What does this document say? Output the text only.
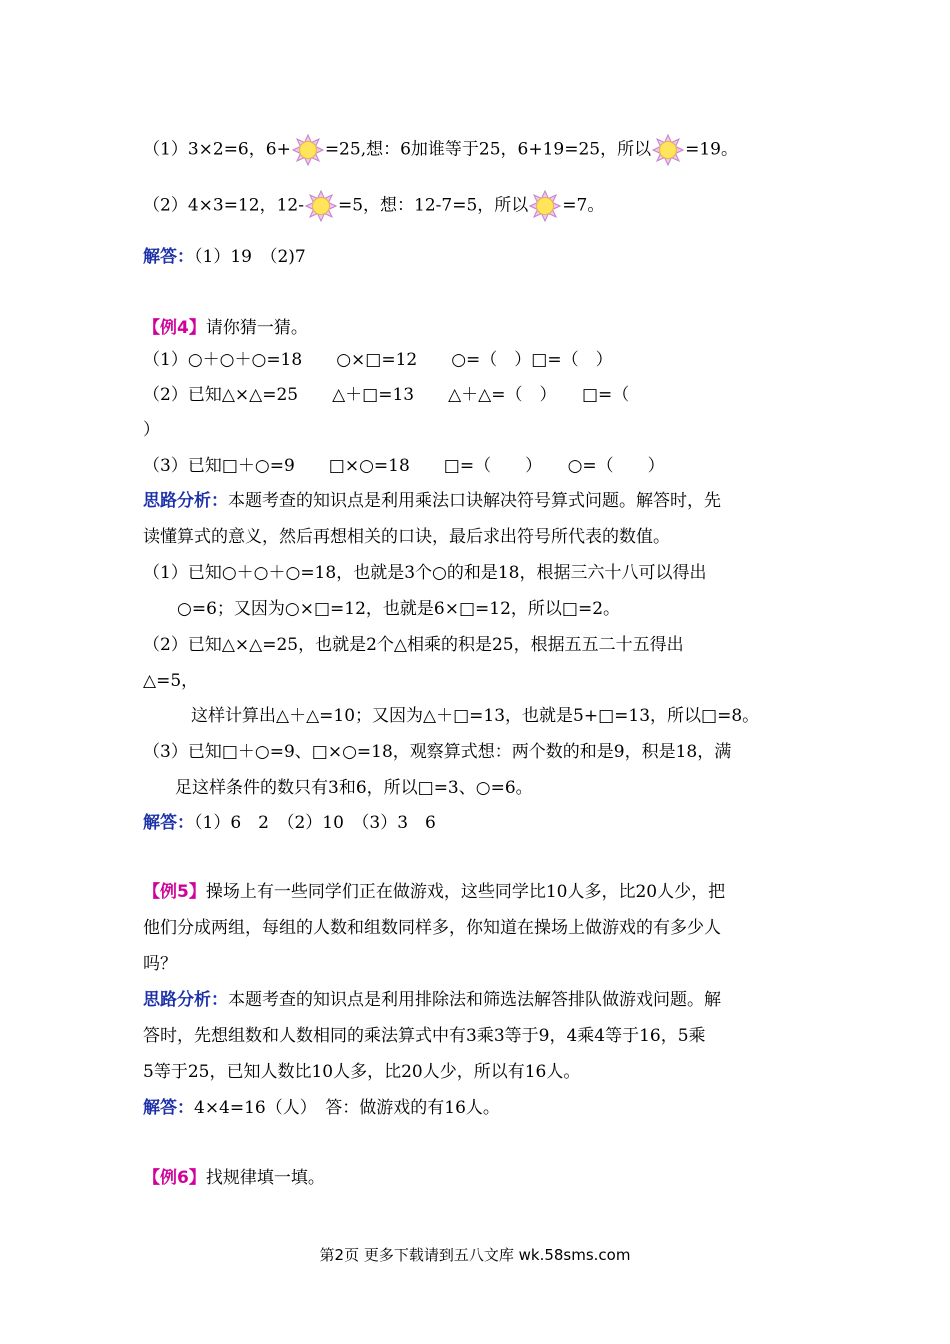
（1）3×2=6，6+ =25,想：6加谁等于25，6+19=25，所以 =19。
（2）4×3=12，12- =5，想：12-7=5，所以 =7。
解答：（1）19　（2)7
【例4】请你猜一猜。
（1）○＋○＋○=18　　○×□=12　　○=（　）□=（　）
（2）已知△×△=25　　△＋□=13　　△＋△=（　）　　□=（
）
（3）已知□＋○=9　　□×○=18　　□=（　　）　　○=（　　）
思路分析：本题考查的知识点是利用乘法口诀解决符号算式问题。解答时，先
读懂算式的意义，然后再想相关的口诀，最后求出符号所代表的数值。
（1）已知○＋○＋○=18，也就是3个○的和是18，根据三六十八可以得出
○=6；又因为○×□=12，也就是6×□=12，所以□=2。
（2）已知△×△=25，也就是2个△相乘的积是25，根据五五二十五得出
△=5，
这样计算出△＋△=10；又因为△＋□=13，也就是5+□=13，所以□=8。
（3）已知□＋○=9、□×○=18，观察算式想：两个数的和是9，积是18，满
足这样条件的数只有3和6，所以□=3、○=6。
解答：（1）6　2　（2）10　（3）3　6
【例5】操场上有一些同学们正在做游戏，这些同学比10人多，比20人少，把
他们分成两组，每组的人数和组数同样多，你知道在操场上做游戏的有多少人
吗？
思路分析：本题考查的知识点是利用排除法和筛选法解答排队做游戏问题。解
答时，先想组数和人数相同的乘法算式中有3乘3等于9，4乘4等于16，5乘
5等于25，已知人数比10人多，比20人少，所以有16人。
解答：4×4=16（人）　答：做游戏的有16人。
【例6】找规律填一填。
第2页 更多下载请到五八文库 wk.58sms.com
